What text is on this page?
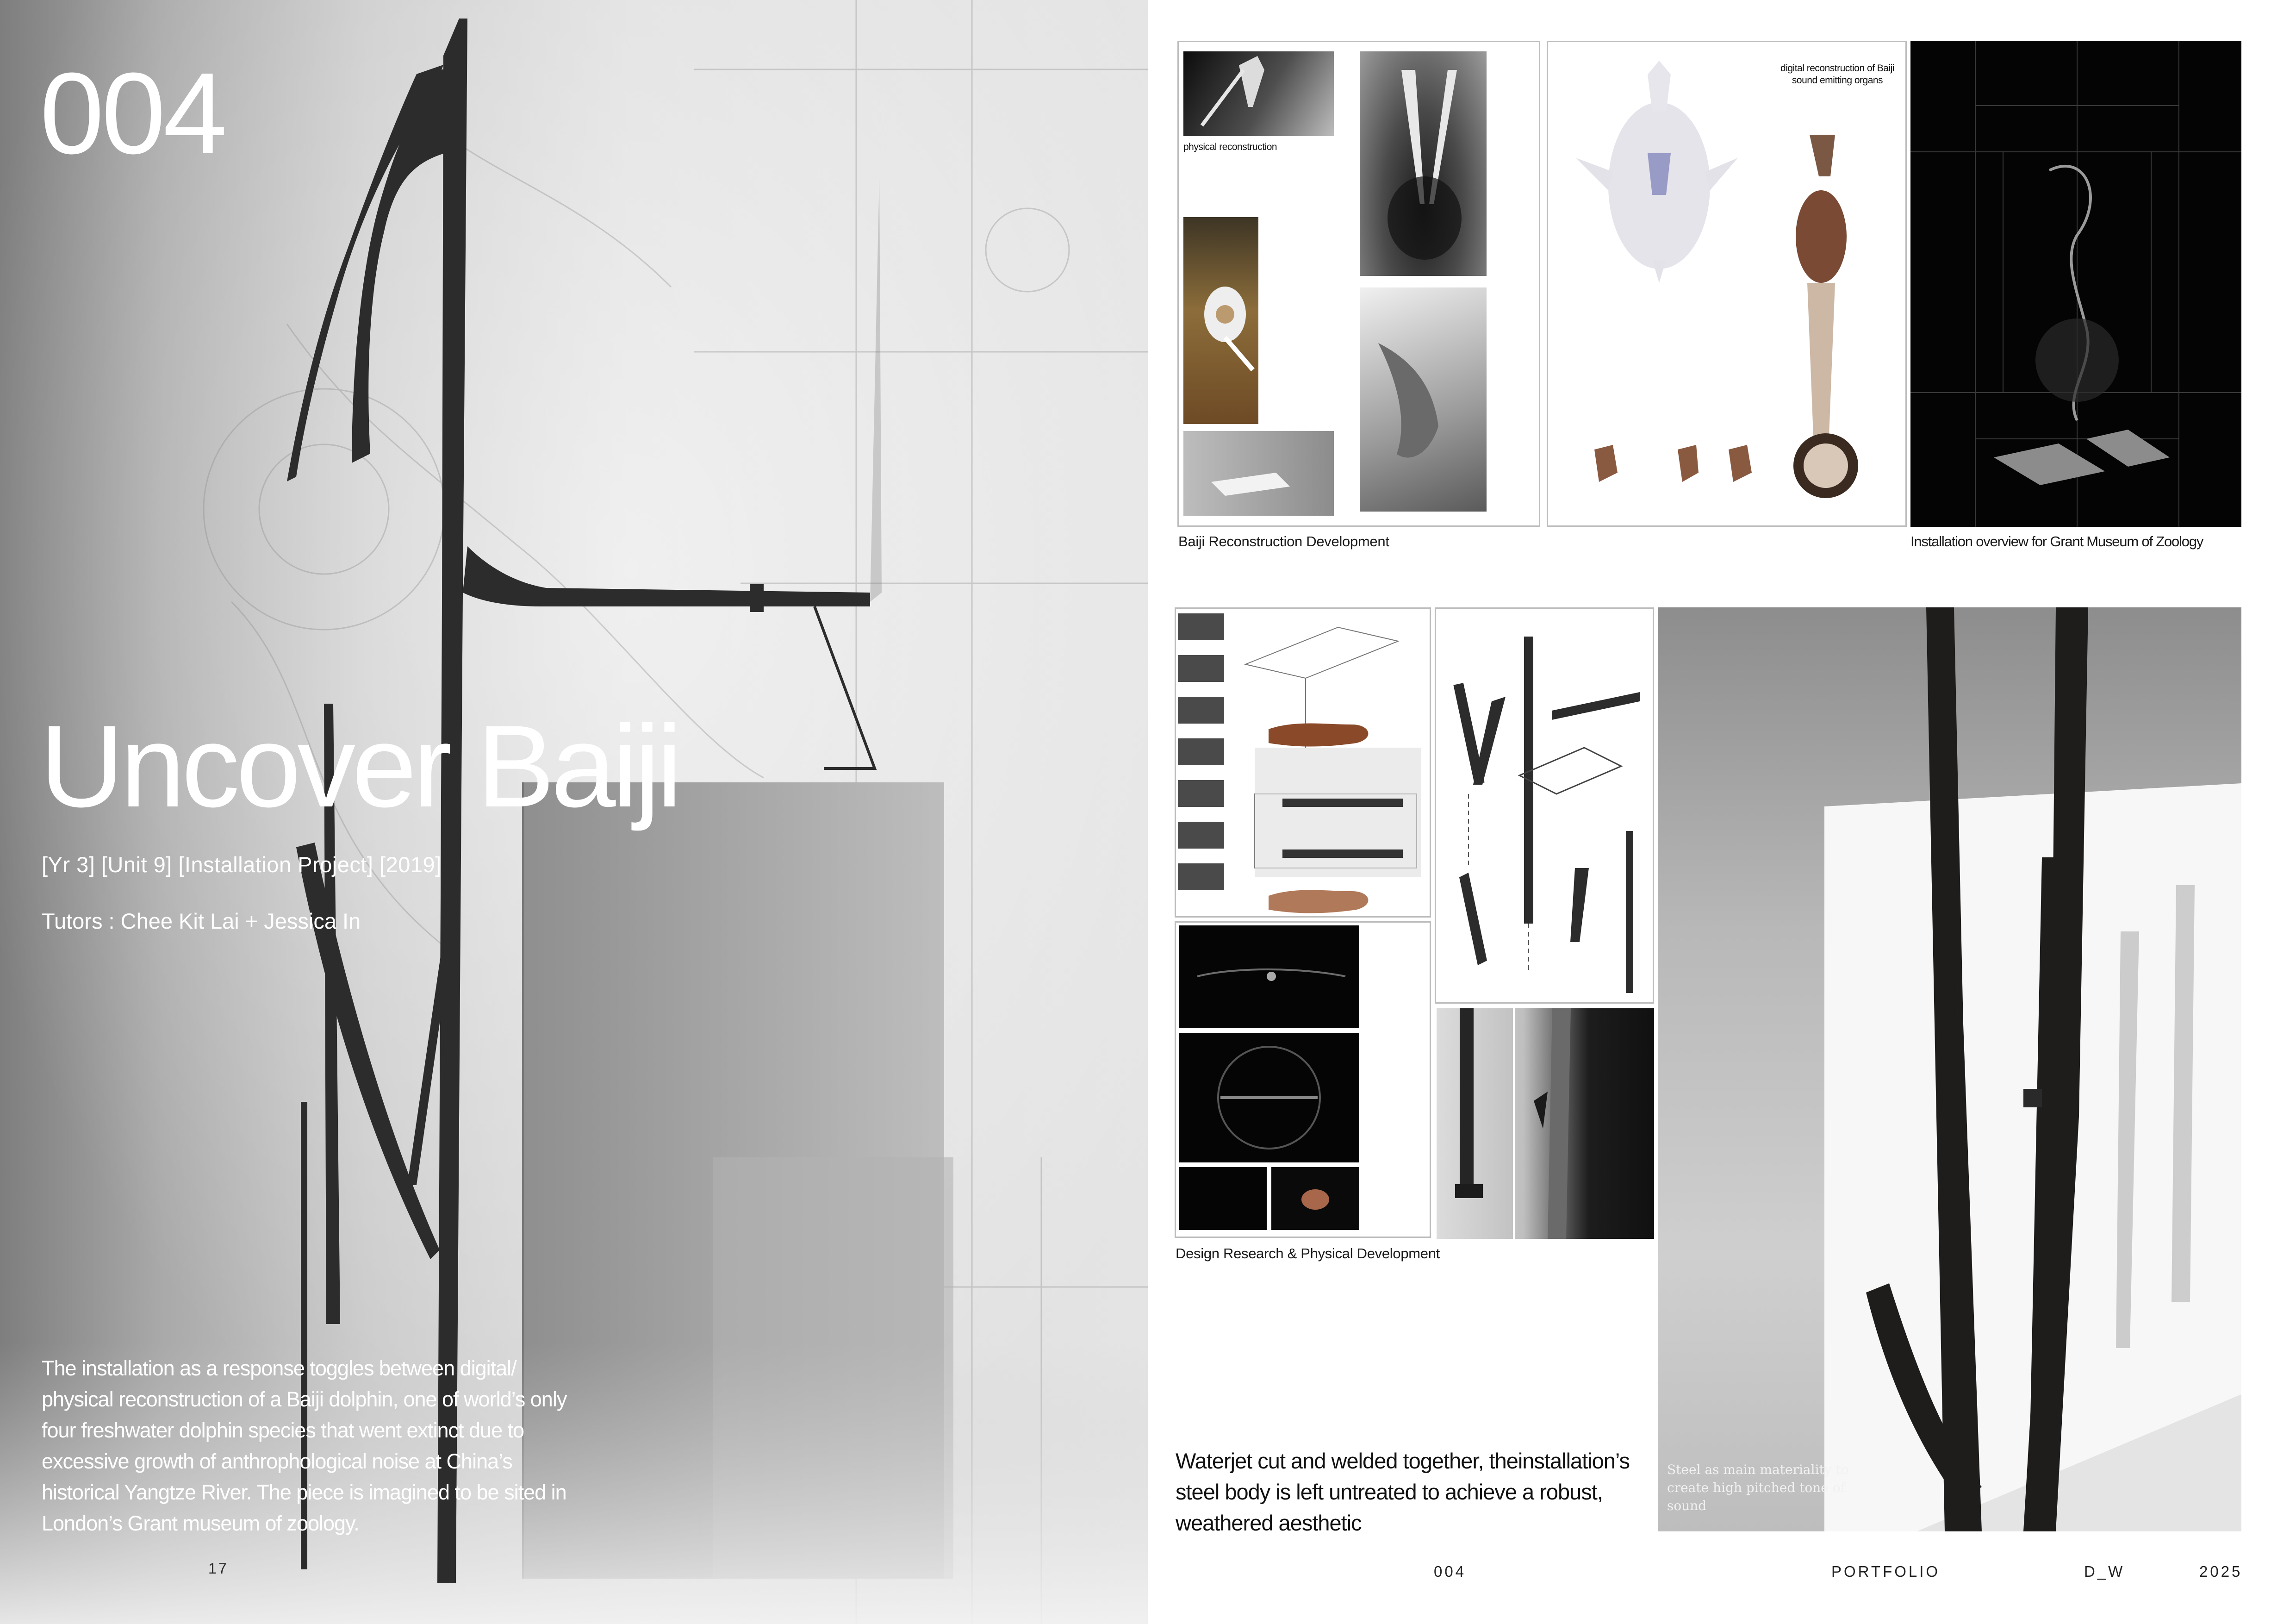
004
Uncover Baiji
[Yr 3] [Unit 9] [Installation Project] [2019]
Tutors : Chee Kit Lai + Jessica In
The installation as a response toggles between digital/ physical reconstruction of a Baiji dolphin, one of world’s only four freshwater dolphin species that went extinct due to excessive growth of anthrophological noise at China’s historical Yangtze River. The piece is imagined to be sited in London’s Grant museum of zoology.
17
physical reconstruction
digital reconstruction of Baiji sound emitting organs
Baiji Reconstruction Development	Installation overview for Grant Museum of Zoology
Design Research & Physical Development
Steel as main materiality to create high pitched tone of sound
Waterjet cut and welded together, theinstallation’s steel body is left untreated to achieve a robust, weathered aesthetic
004	PORTFOLIO	D_W	2025
